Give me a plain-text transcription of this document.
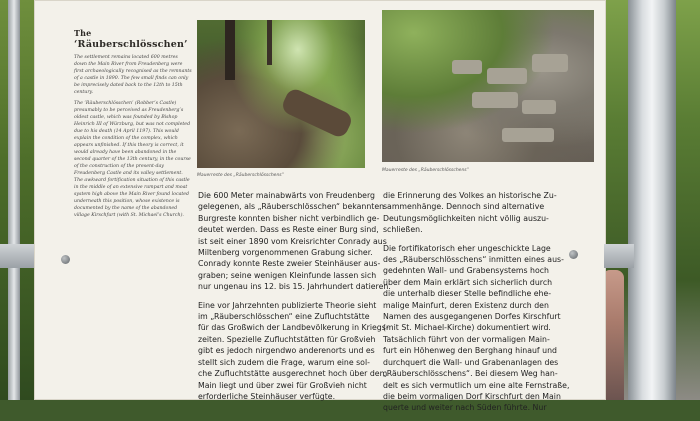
The
‘Räuberschlösschen’

The settlement remains located 600 metres down the Main River from Freudenberg were first archaeologically recognised as the remnants of a castle in 1890. The few small finds can only be imprecisely dated back to the 12th to 15th century.

The ‘Räuberschlösschen’ (Robber’s Castle) presumably to be perceived as Freudenberg’s oldest castle, which was founded by Bishop Heinrich III of Würzburg, but was not completed due to his death (14 April 1197). This would explain the condition of the complex, which appears unfinished. If this theory is correct, it would already have been abandoned in the second quarter of the 13th century, in the course of the construction of the present-day Freudenberg Castle and its valley settlement. The awkward fortification situation of this castle in the middle of an extensive rampart and moat system high above the Main River found located underneath this position, whose existence is documented by the name of the abandoned village Kirschfurt (with St. Michael’s Church).

Mauerreste des „Räuberschlösschens“
Mauerreste des „Räuberschlösschens“

Die 600 Meter mainabwärts von Freudenberg
gelegenen, als „Räuberschlösschen“ bekannten
Burgreste konnten bisher nicht verbindlich ge-
deutet werden. Dass es Reste einer Burg sind,
ist seit einer 1890 vom Kreisrichter Conrady aus
Miltenberg vorgenommenen Grabung sicher.
Conrady konnte Reste zweier Steinhäuser aus-
graben; seine wenigen Kleinfunde lassen sich
nur ungenau ins 12. bis 15. Jahrhundert datieren.

Eine vor Jahrzehnten publizierte Theorie sieht
im „Räuberschlösschen“ eine Zufluchtstätte
für das Großwich der Landbevölkerung in Kriegs-
zeiten. Spezielle Zufluchtstätten für Großvieh
gibt es jedoch nirgendwo anderenorts und es
stellt sich zudem die Frage, warum eine sol-
che Zufluchtstätte ausgerechnet hoch über dem
Main liegt und über zwei für Großvieh nicht
erforderliche Steinhäuser verfügte.

die Erinnerung des Volkes an historische Zu-
sammenhänge. Dennoch sind alternative
Deutungsmöglichkeiten nicht völlig auszu-
schließen.

Die fortifikatorisch eher ungeschickte Lage
des „Räuberschlösschens“ inmitten eines aus-
gedehnten Wall- und Grabensystems hoch
über dem Main erklärt sich sicherlich durch
die unterhalb dieser Stelle befindliche ehe-
malige Mainfurt, deren Existenz durch den
Namen des ausgegangenen Dorfes Kirschfurt
(mit St. Michael-Kirche) dokumentiert wird.
Tatsächlich führt von der vormaligen Main-
furt ein Höhenweg den Berghang hinauf und
durchquert die Wall- und Grabenanlagen des
„Räuberschlösschens“. Bei diesem Weg han-
delt es sich vermutlich um eine alte Fernstraße,
die beim vormaligen Dorf Kirschfurt den Main
querte und weiter nach Süden führte. Nur
